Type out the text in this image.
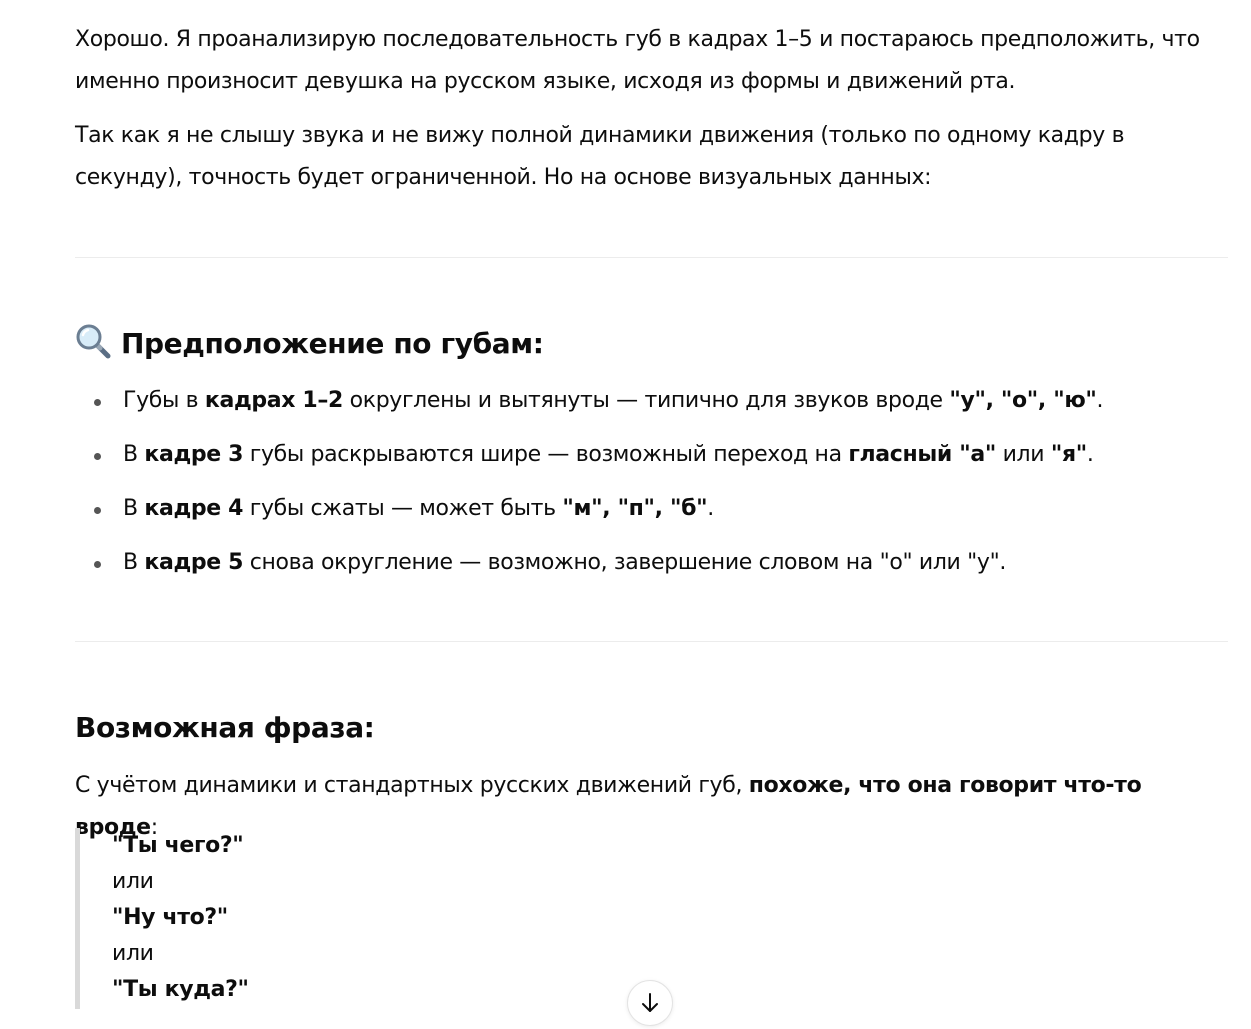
Хорошо. Я проанализирую последовательность губ в кадрах 1–5 и постараюсь предположить, что именно произносит девушка на русском языке, исходя из формы и движений рта.

Так как я не слышу звука и не вижу полной динамики движения (только по одному кадру в секунду), точность будет ограниченной. Но на основе визуальных данных:

Предположение по губам:
Губы в кадрах 1–2 округлены и вытянуты — типично для звуков вроде "у", "о", "ю".
В кадре 3 губы раскрываются шире — возможный переход на гласный "а" или "я".
В кадре 4 губы сжаты — может быть "м", "п", "б".
В кадре 5 снова округление — возможно, завершение словом на "о" или "у".
Возможная фраза:

С учётом динамики и стандартных русских движений губ, похоже, что она говорит что-то вроде:

"Ты чего?"
или
"Ну что?"
или
"Ты куда?"
